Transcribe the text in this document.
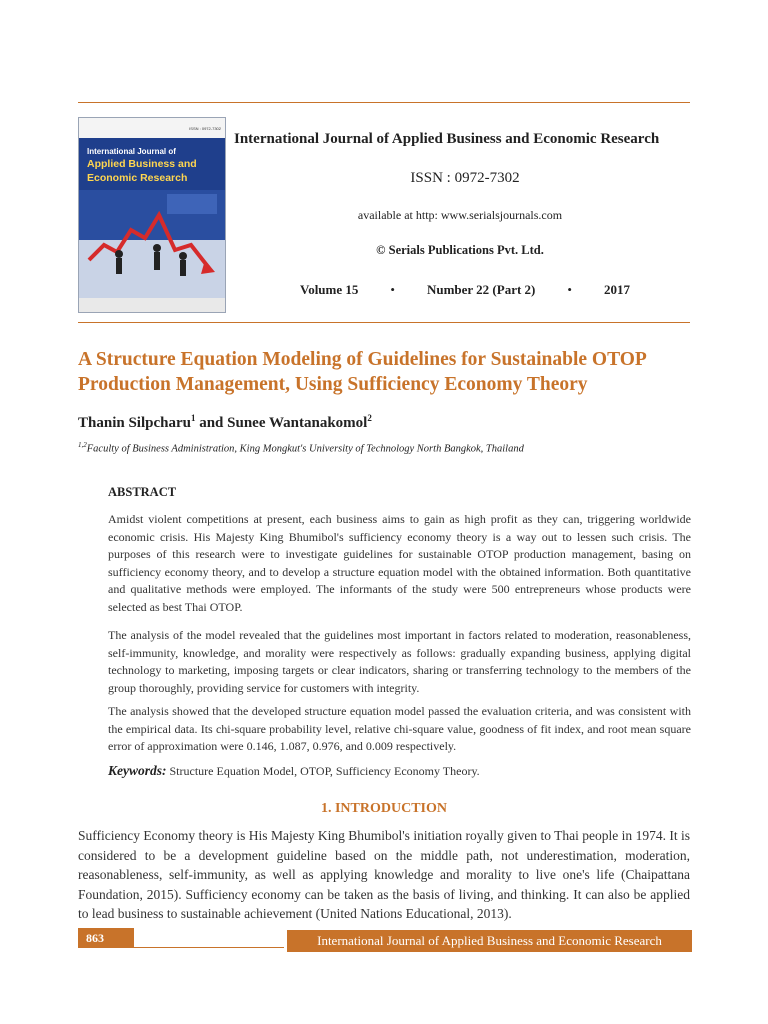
ISSN : 0972-7302
International Journal of
Applied Business and
Economic Research
International Journal of Applied Business and Economic Research
ISSN : 0972-7302
available at http: www.serialsjournals.com
© Serials Publications Pvt. Ltd.
Volume 15 • Number 22 (Part 2) • 2017
A Structure Equation Modeling of Guidelines for Sustainable OTOP Production Management, Using Sufficiency Economy Theory
Thanin Silpcharu$^1$ and Sunee Wantanakomol$^2$
$^{1,2}$Faculty of Business Administration, King Mongkut's University of Technology North Bangkok, Thailand
ABSTRACT
Amidst violent competitions at present, each business aims to gain as high profit as they can, triggering worldwide economic crisis. His Majesty King Bhumibol's sufficiency economy theory is a way out to lessen such crisis. The purposes of this research were to investigate guidelines for sustainable OTOP production management, basing on sufficiency economy theory, and to develop a structure equation model with the obtained information. Both quantitative and qualitative methods were employed. The informants of the study were 500 entrepreneurs whose products were selected as best Thai OTOP.
The analysis of the model revealed that the guidelines most important in factors related to moderation, reasonableness, self-immunity, knowledge, and morality were respectively as follows: gradually expanding business, applying digital technology to marketing, imposing targets or clear indicators, sharing or transferring technology to the members of the group thoroughly, providing service for customers with integrity.
The analysis showed that the developed structure equation model passed the evaluation criteria, and was consistent with the empirical data. Its chi-square probability level, relative chi-square value, goodness of fit index, and root mean square error of approximation were 0.146, 1.087, 0.976, and 0.009 respectively.
Keywords: Structure Equation Model, OTOP, Sufficiency Economy Theory.
1. INTRODUCTION
Sufficiency Economy theory is His Majesty King Bhumibol's initiation royally given to Thai people in 1974. It is considered to be a development guideline based on the middle path, not underestimation, moderation, reasonableness, self-immunity, as well as applying knowledge and morality to live one's life (Chaipattana Foundation, 2015). Sufficiency economy can be taken as the basis of living, and thinking. It can also be applied to lead business to sustainable achievement (United Nations Educational, 2013).
863	International Journal of Applied Business and Economic Research
